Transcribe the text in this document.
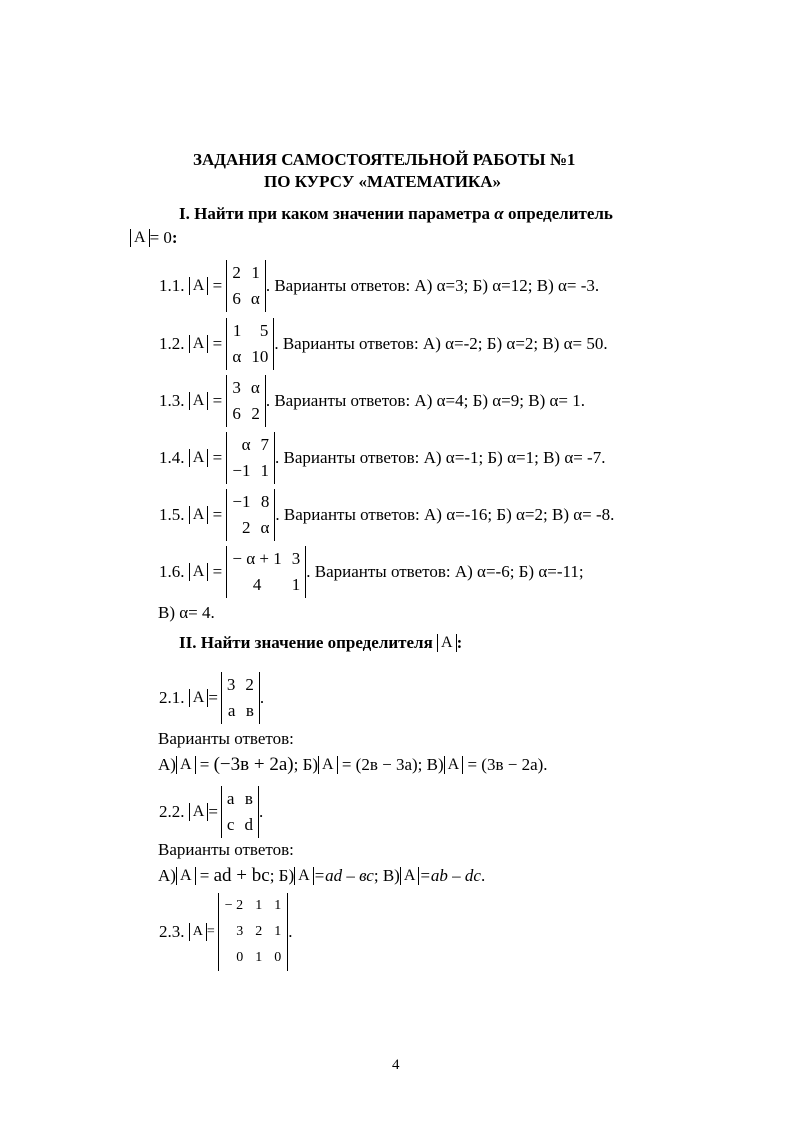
ЗАДАНИЯ САМОСТОЯТЕЛЬНОЙ РАБОТЫ №1
ПО КУРСУ «МАТЕМАТИКА»
I. Найти при каком значении параметра α определитель
A = 0 :
1.1.
A
=

2	1
6	α
. Варианты ответов: А) α=3; Б) α=12; В) α= -3.
1.2.
A
=

1	5
α	10
. Варианты ответов: А) α=-2; Б) α=2; В) α= 50.
1.3.
A
=

3	α
6	2
. Варианты ответов: А) α=4; Б) α=9; В) α= 1.
1.4.
A
=

α	7
−1	1
. Варианты ответов: А) α=-1; Б) α=1; В) α= -7.
1.5.
A
=

−1	8
2	α
. Варианты ответов: А) α=-16; Б) α=2; В) α= -8.
1.6.
A
=

− α + 1	3
4	1
. Варианты ответов: А) α=-6; Б) α=-11;
В) α= 4.
II. Найти значение определителя
A :
2.1.
A =
3	2
а	в
.
Варианты ответов:
А) A
=
(−3в + 2а) ; Б) A
=
(2в − 3а) ; В) A
=
(3в − 2а) .
2.2.
A =
а	в
с	d
.
Варианты ответов:
А) A
=
ad + bc ; Б) A =ad – вс ; В) A =ab – dc .
2.3.
A =
− 2	1	1
3	2	1
0	1	0
.
4
